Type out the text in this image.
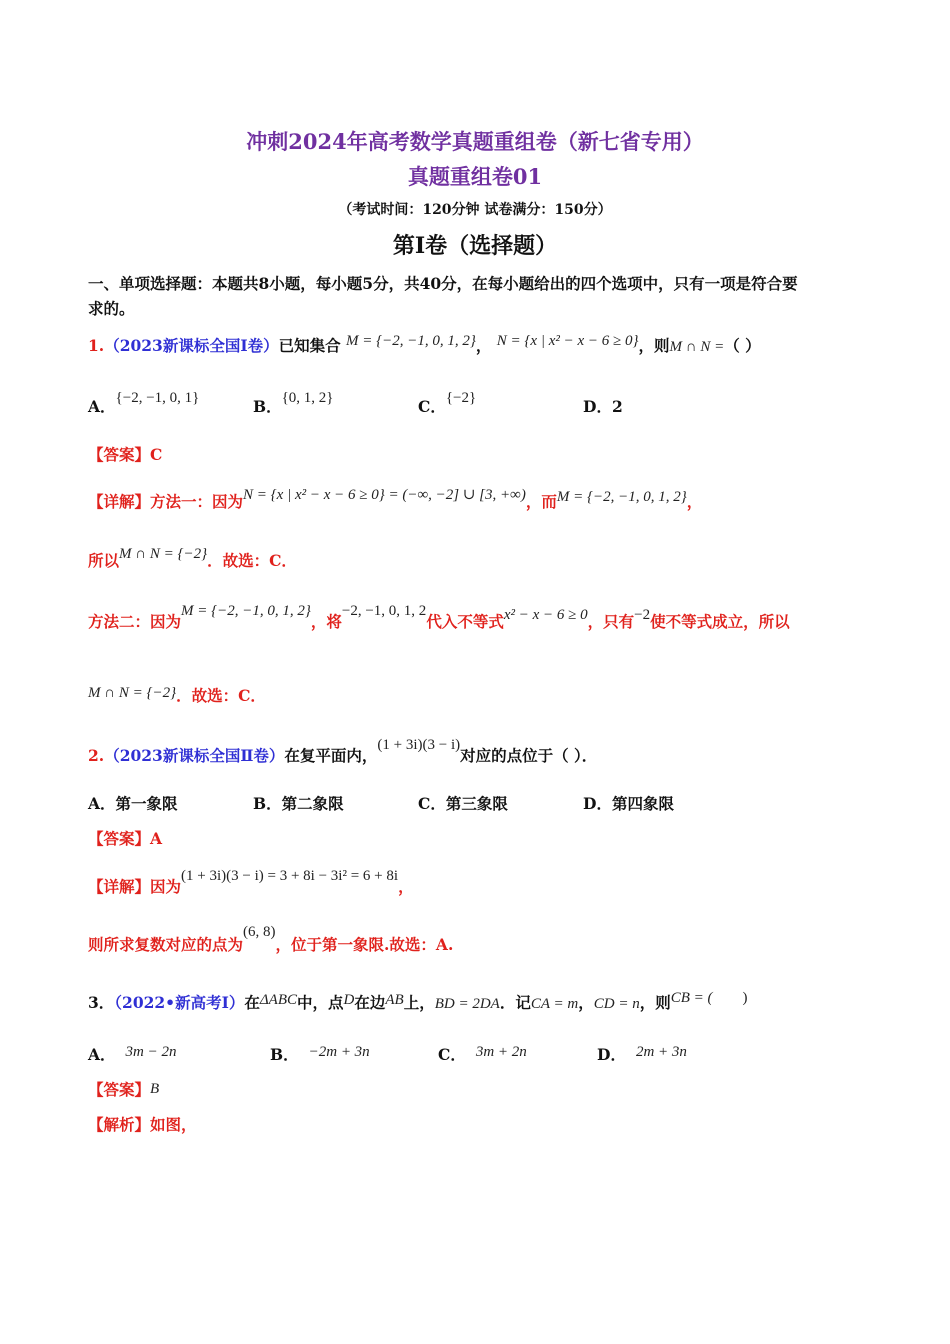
冲刺2024年高考数学真题重组卷（新七省专用）
真题重组卷01
（考试时间：120分钟 试卷满分：150分）
第I卷（选择题）
一、单项选择题：本题共8小题，每小题5分，共40分，在每小题给出的四个选项中，只有一项是符合要
求的。
1.（2023新课标全国Ⅰ卷）已知集合 M = {−2, −1, 0, 1, 2}， N = {x | x² − x − 6 ≥ 0}，则M ∩ N =（ ）
A．{−2, −1, 0, 1}	B．{0, 1, 2}	C．{−2}	D．2
【答案】C
【详解】方法一：因为N = {x | x² − x − 6 ≥ 0} = (−∞, −2] ∪ [3, +∞)，而M = {−2, −1, 0, 1, 2}，
所以M ∩ N = {−2}．故选：C．
方法二：因为M = {−2, −1, 0, 1, 2}，将−2, −1, 0, 1, 2代入不等式x² − x − 6 ≥ 0，只有−2使不等式成立，所以
M ∩ N = {−2}．故选：C．
2.（2023新课标全国Ⅱ卷）在复平面内，(1 + 3i)(3 − i)对应的点位于（ ）．
A．第一象限	B．第二象限	C．第三象限	D．第四象限
【答案】A
【详解】因为(1 + 3i)(3 − i) = 3 + 8i − 3i² = 6 + 8i，
则所求复数对应的点为(6, 8)，位于第一象限.故选：A.
3．（2022•新高考Ⅰ）在ΔABC中，点D在边AB上，BD = 2DA．记CA = m，CD = n，则CB = ( )
A． 3m − 2n	B． −2m + 3n	C． 3m + 2n	D． 2m + 3n
【答案】B
【解析】如图，
